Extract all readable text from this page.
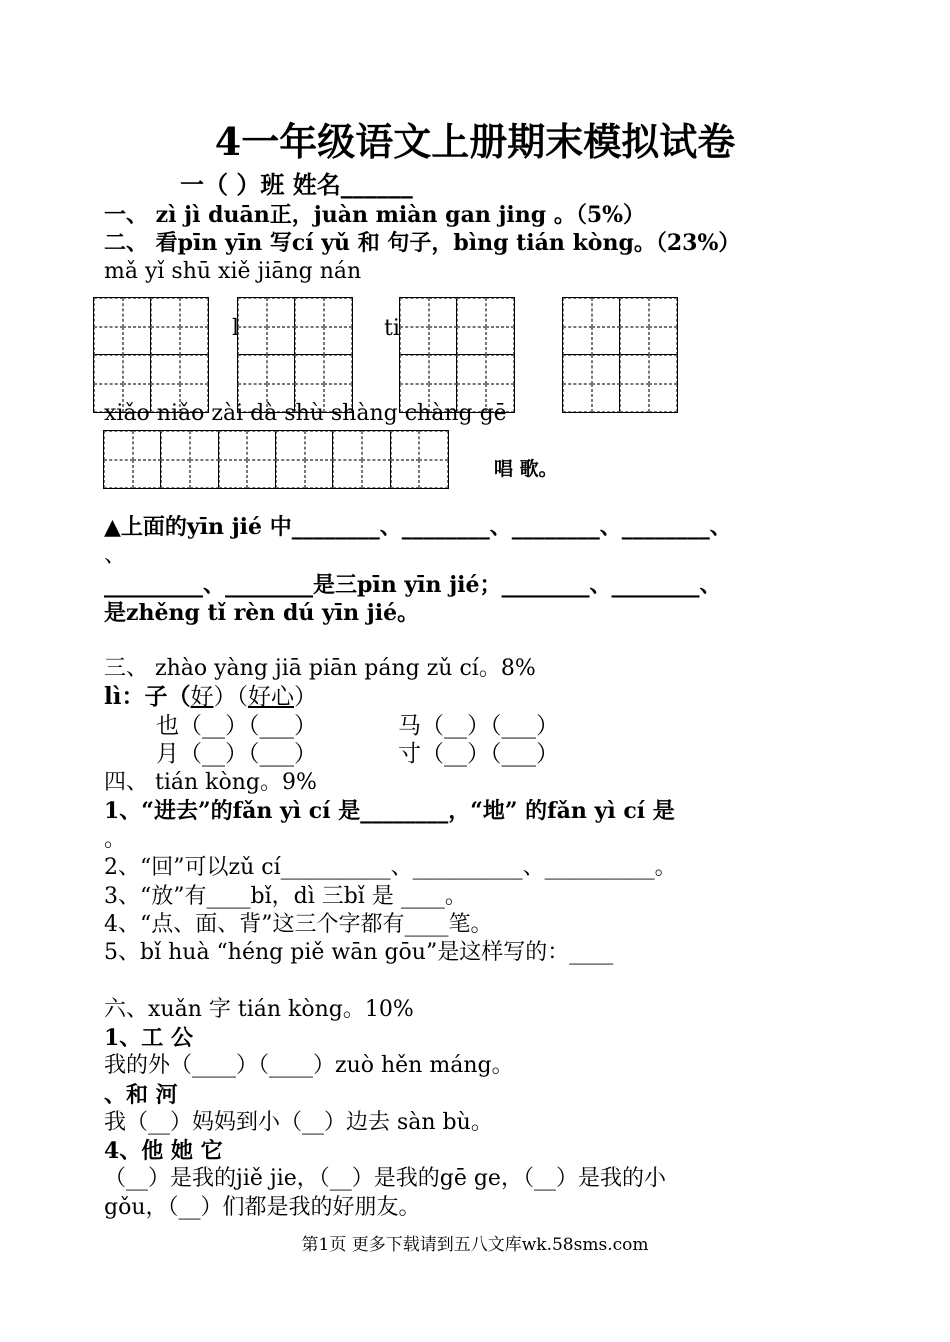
4一年级语文上册期末模拟试卷
一（ ）班 姓名______
一、 zì jì duān正，juàn miàn gan jing 。（5%）
二、 看pīn yīn 写cí yǔ 和 句子，bìng tián kòng。（23%）
mǎ yǐ shū xiě jiāng nán
l	ti
xiǎo niǎo zài dà shù shàng chàng gē
唱 歌。
▲上面的yīn jié 中________、________、________、________、
、
_________、________是三pīn yīn jié；________、________、
是zhěng tǐ rèn dú yīn jié。
三、 zhào yàng jiā piān páng zǔ cí。8%
lì：子（好）（好心）
也（__）（___）	马（__）（___）
月（__）（___）	寸（__）（___）
四、 tián kòng。9%
1、“进去”的fǎn yì cí 是________，“地” 的fǎn yì cí 是
。
2、“回”可以zǔ cí__________、__________、__________。
3、“放”有____bǐ，dì 三bǐ 是 ____。
4、“点、面、背”这三个字都有____笔。
5、bǐ huà “héng piě wān gōu”是这样写的：____
六、xuǎn 字 tián kòng。10%
1、工 公
我的外（____）（____）zuò hěn máng。
、和 河
我（__）妈妈到小（__）边去 sàn bù。
4、他 她 它
（__）是我的jiě jie，（__）是我的gē ge，（__）是我的小
gǒu，（__）们都是我的好朋友。
第1页 更多下载请到五八文库wk.58sms.com
